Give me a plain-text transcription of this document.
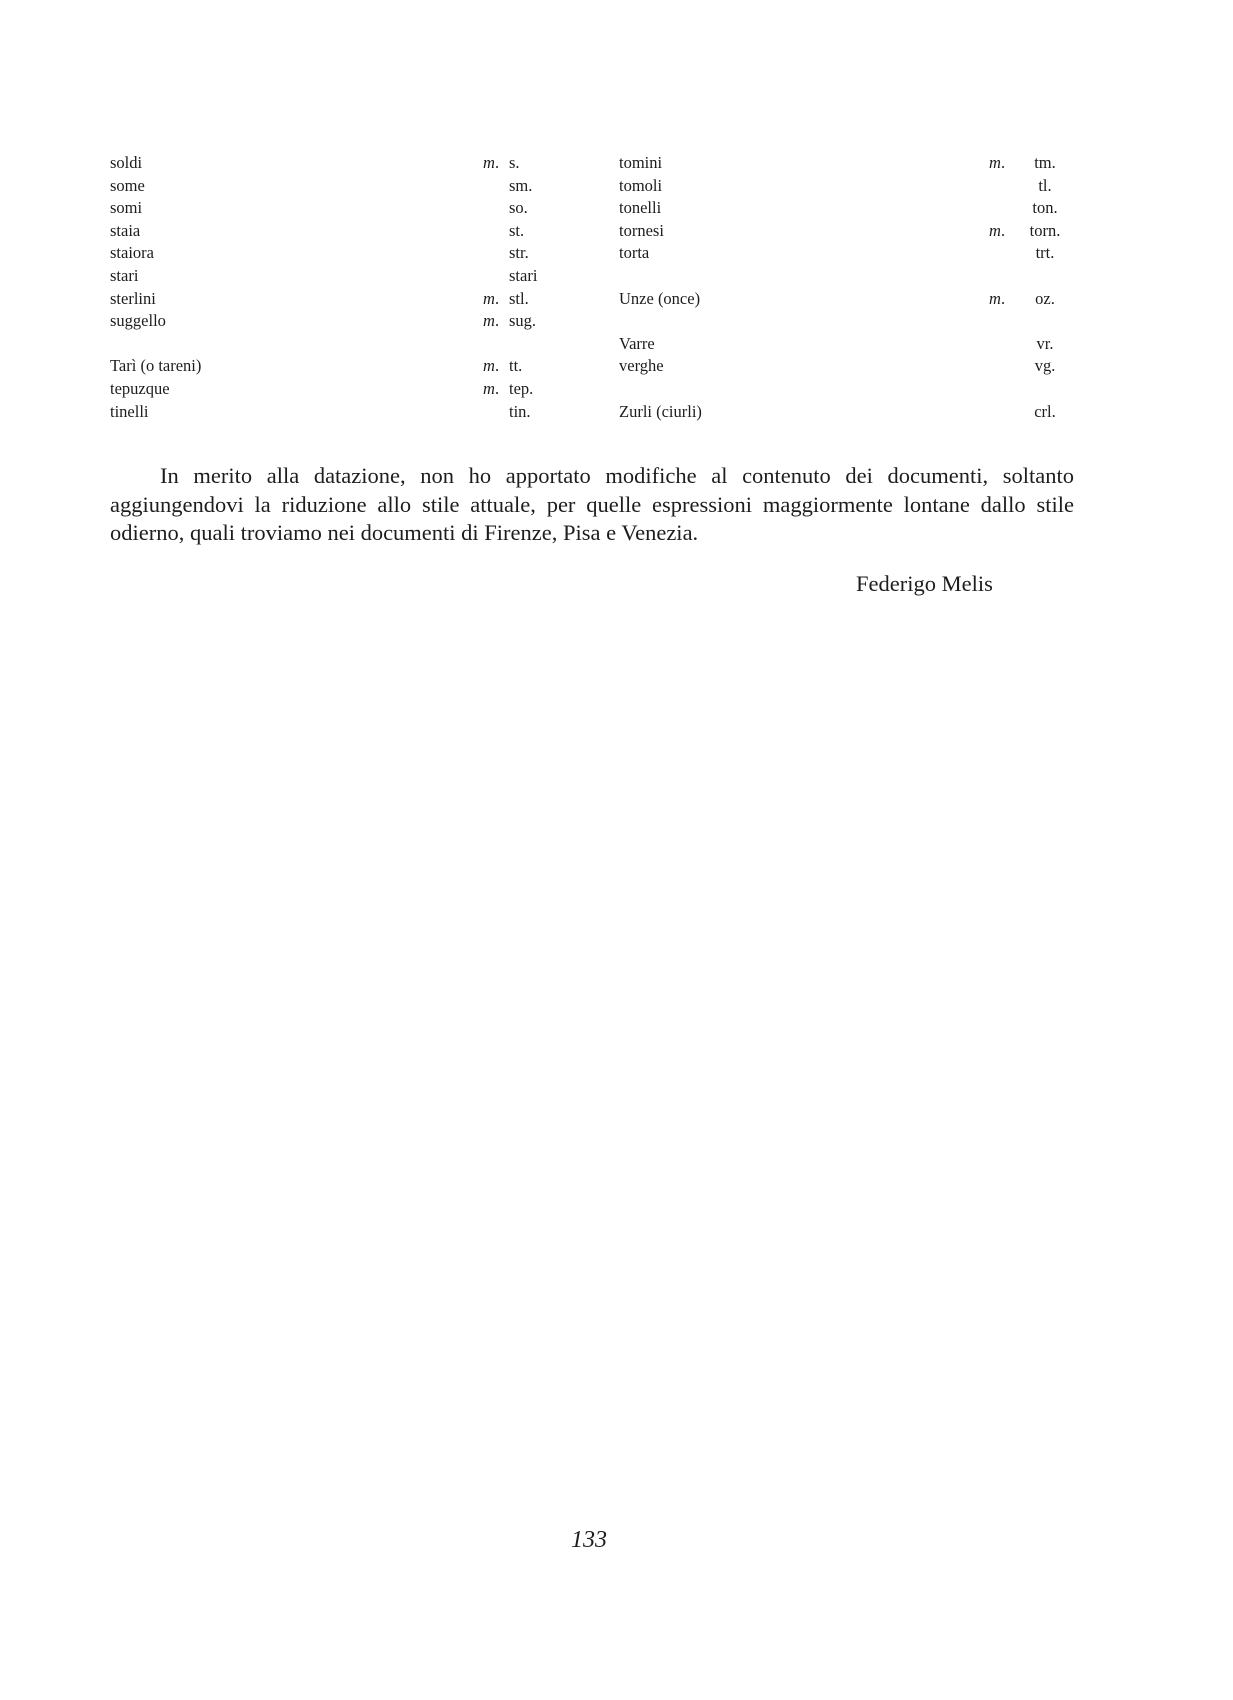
soldi
some
somi
staia
staiora
stari
sterlini
suggello
Tarì (o tareni)
tepuzque
tinelli
m.
m.
m.
m.
m.
s.
sm.
so.
st.
str.
stari
stl.
sug.
tt.
tep.
tin.
tomini
tomoli
tonelli
tornesi
torta
Unze (once)
Varre
verghe
Zurli (ciurli)
m.
m.
m.
tm.
tl.
ton.
torn.
trt.
oz.
vr.
vg.
crl.

In merito alla datazione, non ho apportato modifiche al contenuto dei documenti, soltanto aggiungendovi la riduzione allo stile attuale, per quelle espressioni maggiormente lontane dallo stile odierno, quali troviamo nei documenti di Firenze, Pisa e Venezia.

Federigo Melis
133
